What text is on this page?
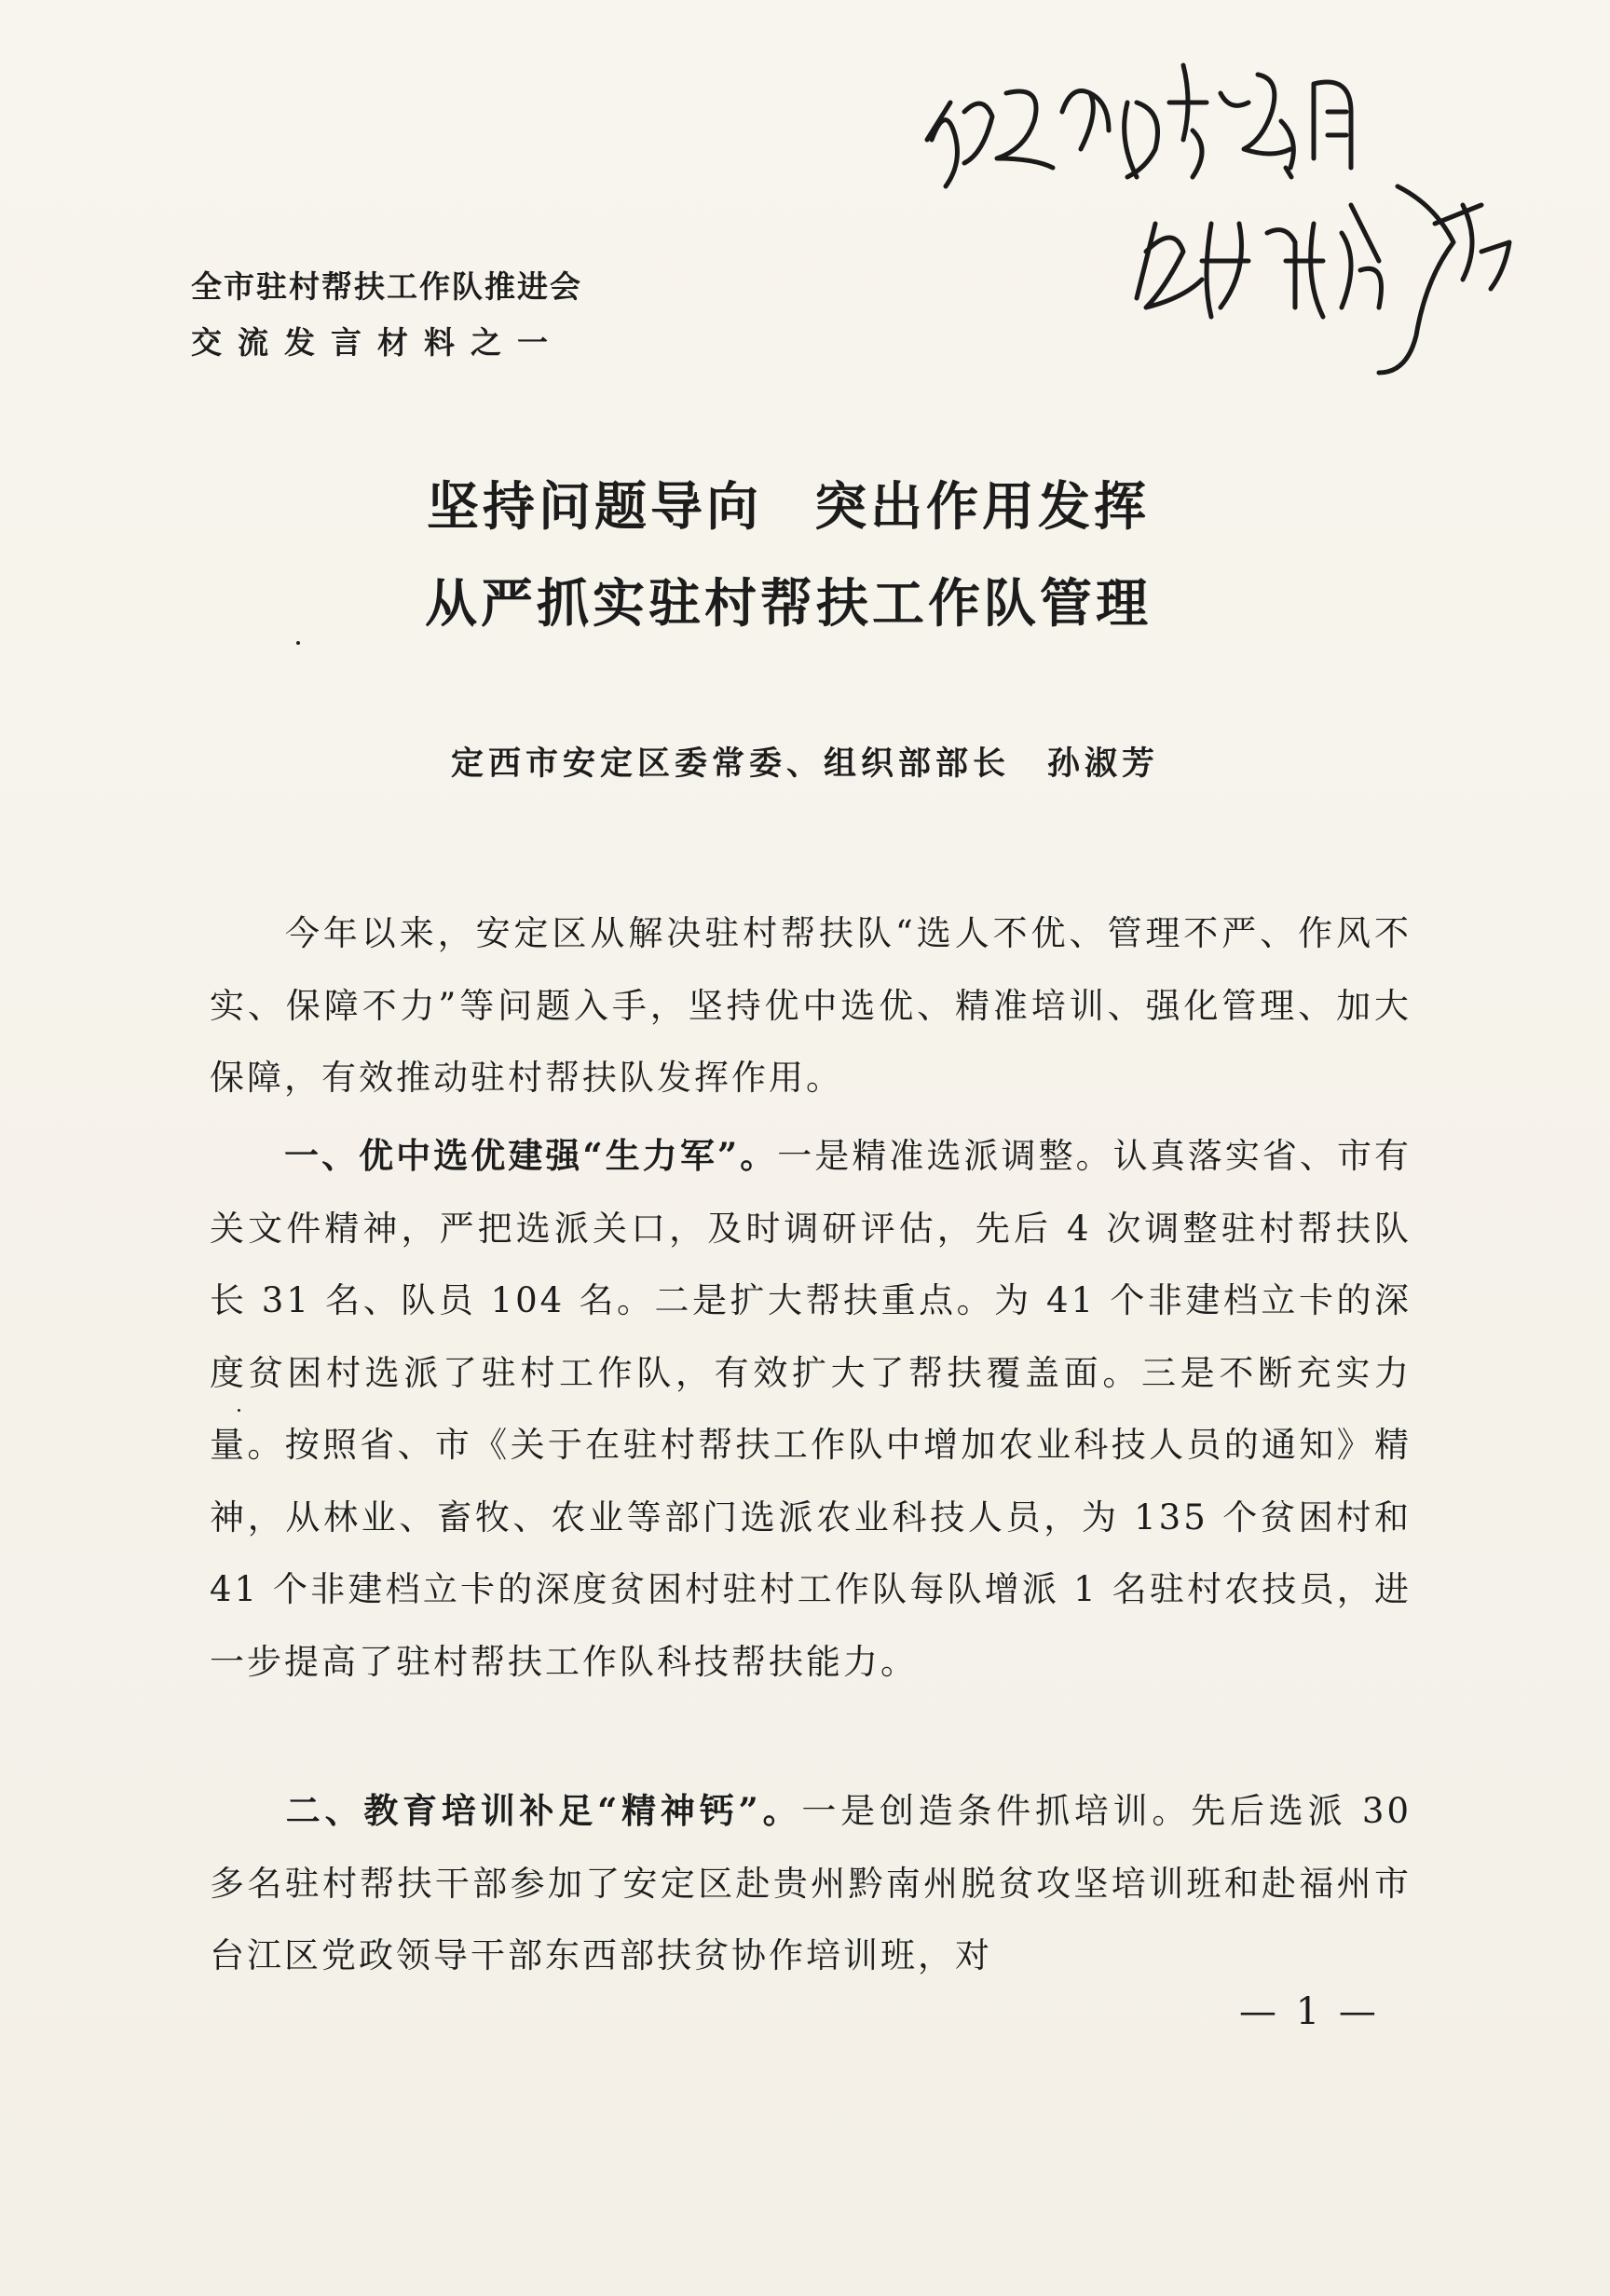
全市驻村帮扶工作队推进会
交流发言材料之一
坚持问题导向 突出作用发挥
从严抓实驻村帮扶工作队管理
定西市安定区委常委、组织部部长 孙淑芳
今年以来，安定区从解决驻村帮扶队“选人不优、管理不严、作风不实、保障不力”等问题入手，坚持优中选优、精准培训、强化管理、加大保障，有效推动驻村帮扶队发挥作用。
一、优中选优建强“生力军”。一是精准选派调整。认真落实省、市有关文件精神，严把选派关口，及时调研评估，先后 4 次调整驻村帮扶队长 31 名、队员 104 名。二是扩大帮扶重点。为 41 个非建档立卡的深度贫困村选派了驻村工作队，有效扩大了帮扶覆盖面。三是不断充实力量。按照省、市《关于在驻村帮扶工作队中增加农业科技人员的通知》精神，从林业、畜牧、农业等部门选派农业科技人员，为 135 个贫困村和 41 个非建档立卡的深度贫困村驻村工作队每队增派 1 名驻村农技员，进一步提高了驻村帮扶工作队科技帮扶能力。
二、教育培训补足“精神钙”。一是创造条件抓培训。先后选派 30 多名驻村帮扶干部参加了安定区赴贵州黔南州脱贫攻坚培训班和赴福州市台江区党政领导干部东西部扶贫协作培训班，对
— 1 —
